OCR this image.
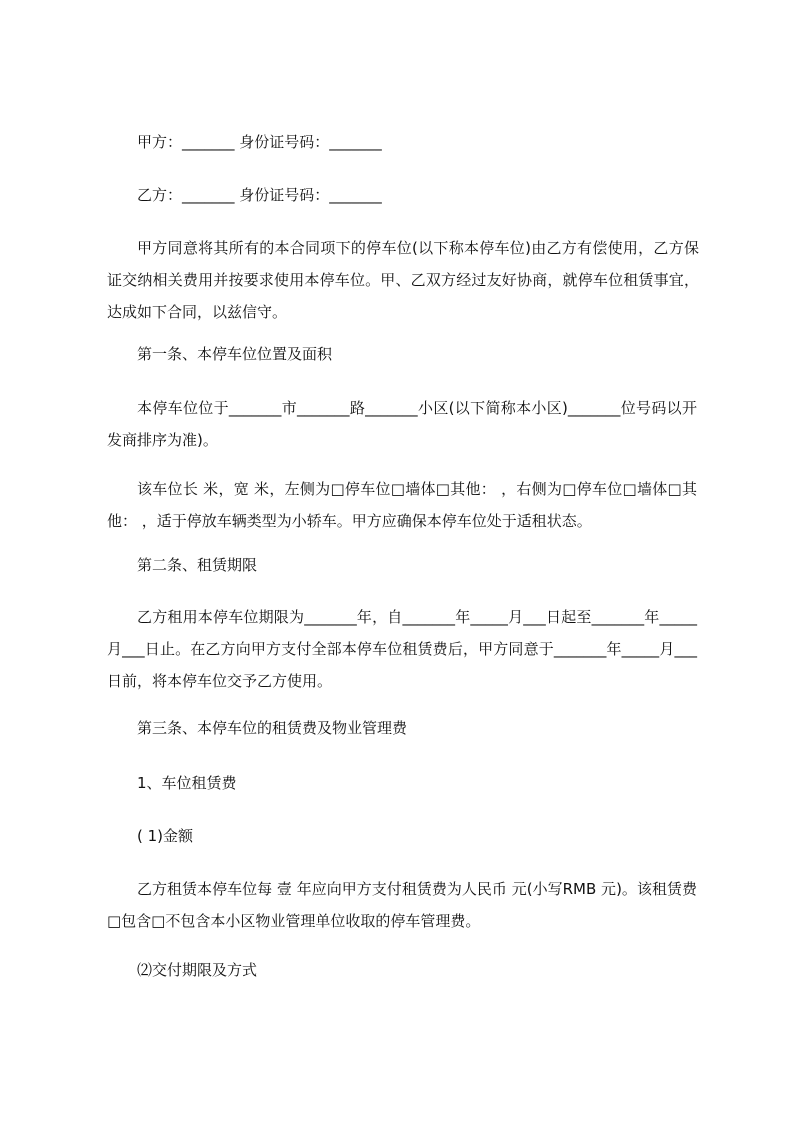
甲方：_______ 身份证号码：_______
乙方：_______ 身份证号码：_______
甲方同意将其所有的本合同项下的停车位(以下称本停车位)由乙方有偿使用，乙方保证交纳相关费用并按要求使用本停车位。甲、乙双方经过友好协商，就停车位租赁事宜，达成如下合同，以兹信守。
第一条、本停车位位置及面积
本停车位位于_______市_______路_______小区(以下简称本小区)_______位号码以开发商排序为准)。
该车位长 米，宽 米，左侧为□停车位□墙体□其他： ，右侧为□停车位□墙体□其他： ，适于停放车辆类型为小轿车。甲方应确保本停车位处于适租状态。
第二条、租赁期限
乙方租用本停车位期限为_______年，自_______年_____月___日起至_______年_____月___日止。在乙方向甲方支付全部本停车位租赁费后，甲方同意于_______年_____月___日前，将本停车位交予乙方使用。
第三条、本停车位的租赁费及物业管理费
1、车位租赁费
( 1)金额
乙方租赁本停车位每 壹 年应向甲方支付租赁费为人民币 元(小写RMB 元)。该租赁费□包含□不包含本小区物业管理单位收取的停车管理费。
⑵交付期限及方式
